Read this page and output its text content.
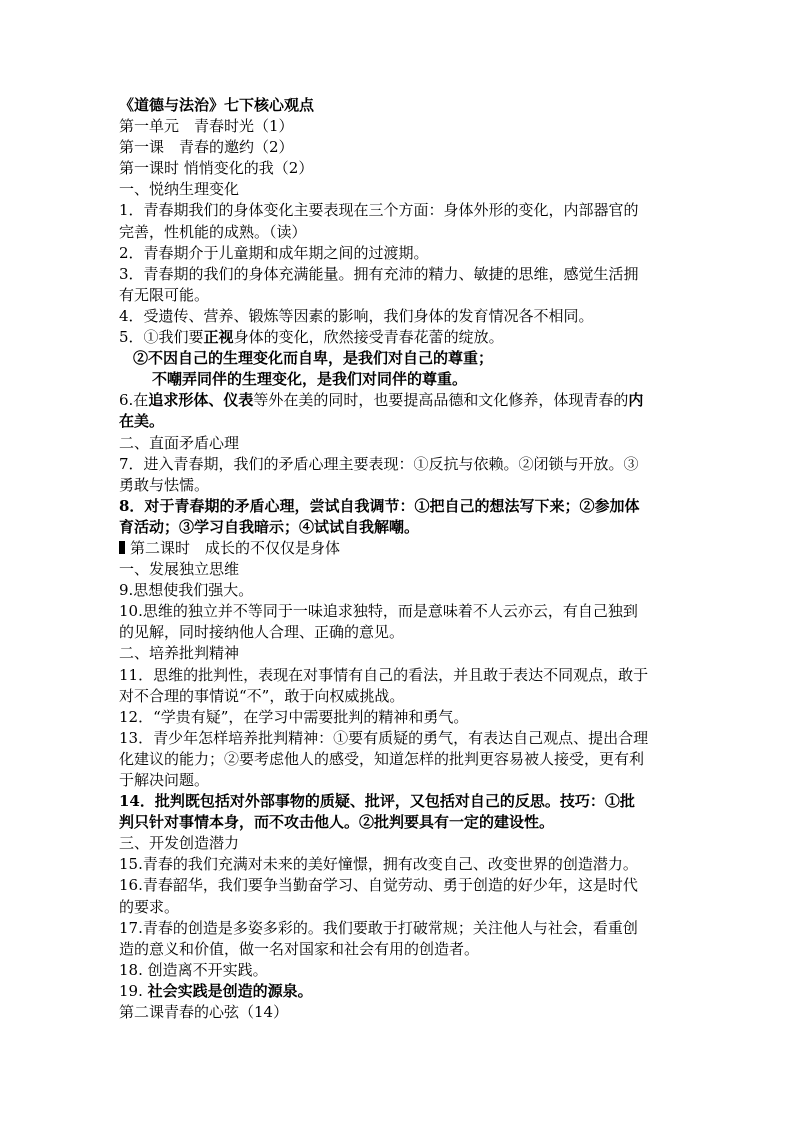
《道德与法治》七下核心观点
第一单元　青春时光（1）
第一课　青春的邀约（2）
第一课时 悄悄变化的我（2）
一、悦纳生理变化
1．青春期我们的身体变化主要表现在三个方面：身体外形的变化，内部器官的
完善，性机能的成熟。（读）
2．青春期介于儿童期和成年期之间的过渡期。
3．青春期的我们的身体充满能量。拥有充沛的精力、敏捷的思维，感觉生活拥
有无限可能。
4．受遗传、营养、锻炼等因素的影响，我们身体的发育情况各不相同。
5．①我们要正视身体的变化，欣然接受青春花蕾的绽放。
②不因自己的生理变化而自卑，是我们对自己的尊重；
不嘲弄同伴的生理变化，是我们对同伴的尊重。
6.在追求形体、仪表等外在美的同时，也要提高品德和文化修养，体现青春的内
在美。
二、直面矛盾心理
7．进入青春期，我们的矛盾心理主要表现：①反抗与依赖。②闭锁与开放。③
勇敢与怯懦。
8．对于青春期的矛盾心理，尝试自我调节：①把自己的想法写下来；②参加体
育活动；③学习自我暗示；④试试自我解嘲。
第二课时　成长的不仅仅是身体
一、发展独立思维
9.思想使我们强大。
10.思维的独立并不等同于一味追求独特，而是意味着不人云亦云，有自己独到
的见解，同时接纳他人合理、正确的意见。
二、培养批判精神
11．思维的批判性，表现在对事情有自己的看法，并且敢于表达不同观点，敢于
对不合理的事情说“不”，敢于向权威挑战。
12．“学贵有疑”，在学习中需要批判的精神和勇气。
13．青少年怎样培养批判精神：①要有质疑的勇气，有表达自己观点、提出合理
化建议的能力；②要考虑他人的感受，知道怎样的批判更容易被人接受，更有利
于解决问题。
14．批判既包括对外部事物的质疑、批评，又包括对自己的反思。技巧：①批
判只针对事情本身，而不攻击他人。②批判要具有一定的建设性。
三、开发创造潜力
15.青春的我们充满对未来的美好憧憬，拥有改变自己、改变世界的创造潜力。
16.青春韶华，我们要争当勤奋学习、自觉劳动、勇于创造的好少年，这是时代
的要求。
17.青春的创造是多姿多彩的。我们要敢于打破常规；关注他人与社会，看重创
造的意义和价值，做一名对国家和社会有用的创造者。
18. 创造离不开实践。
19. 社会实践是创造的源泉。
第二课青春的心弦（14）
